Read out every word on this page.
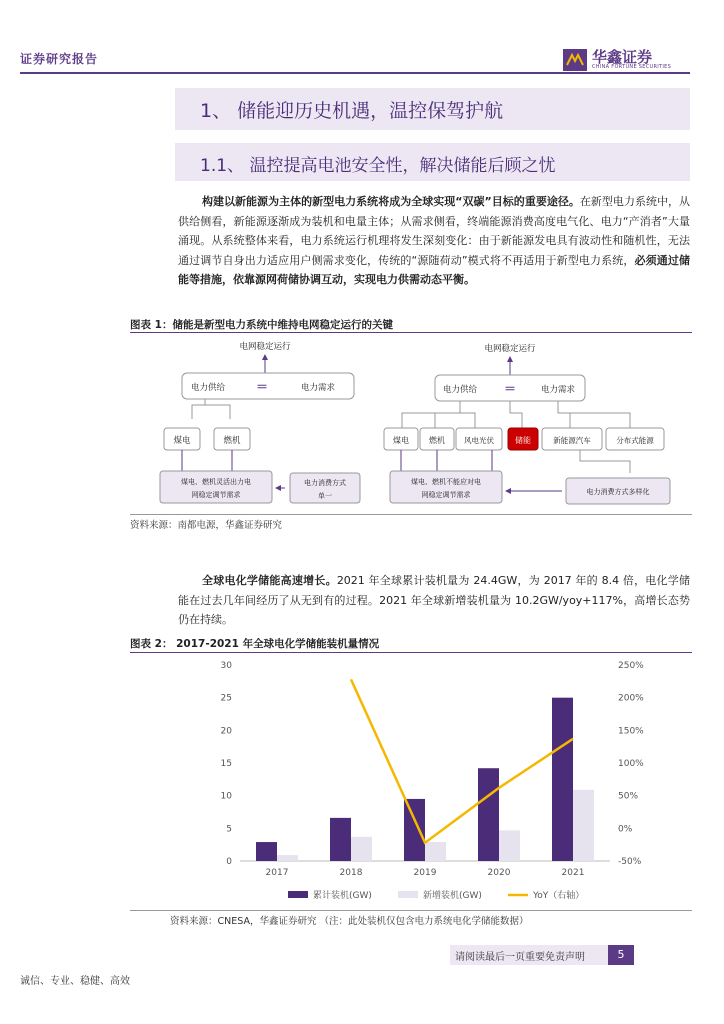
证券研究报告	华鑫证券
CHINA FORTUNE SECURITIES
1、 储能迎历史机遇，温控保驾护航
1.1、 温控提高电池安全性，解决储能后顾之忧
构建以新能源为主体的新型电力系统将成为全球实现“双碳”目标的重要途径。在新型电力系统中，从供给侧看，新能源逐渐成为装机和电量主体；从需求侧看，终端能源消费高度电气化、电力“产消者”大量涌现。从系统整体来看，电力系统运行机理将发生深刻变化：由于新能源发电具有波动性和随机性，无法通过调节自身出力适应用户侧需求变化，传统的“源随荷动”模式将不再适用于新型电力系统，必须通过储能等措施，依靠源网荷储协调互动，实现电力供需动态平衡。
图表 1：储能是新型电力系统中维持电网稳定运行的关键
电网稳定运行
电力供给	＝	电力需求
煤电	燃机
煤电、燃机灵活出力电
网稳定调节需求
电力消费方式
单一
电网稳定运行
电力供给 ＝	电力需求
煤电	燃机	风电光伏	储能	新能源汽车	分布式能源
煤电、燃机不能应对电
网稳定调节需求	电力消费方式多样化
资料来源：南都电源，华鑫证券研究
全球电化学储能高速增长。2021 年全球累计装机量为 24.4GW，为 2017 年的 8.4 倍，电化学储能在过去几年间经历了从无到有的过程。2021 年全球新增装机量为 10.2GW/yoy+117%，高增长态势仍在持续。
图表 2： 2017-2021 年全球电化学储能装机量情况
0
5
10
15
20
25
30
-50%
0%
50%
100%
150%
200%
250%
2017	2018	2019	2020	2021
累计装机(GW)	新增装机(GW)	YoY（右轴）
资料来源：CNESA，华鑫证券研究 （注：此处装机仅包含电力系统电化学储能数据）
请阅读最后一页重要免责声明	5
诚信、专业、稳健、高效
